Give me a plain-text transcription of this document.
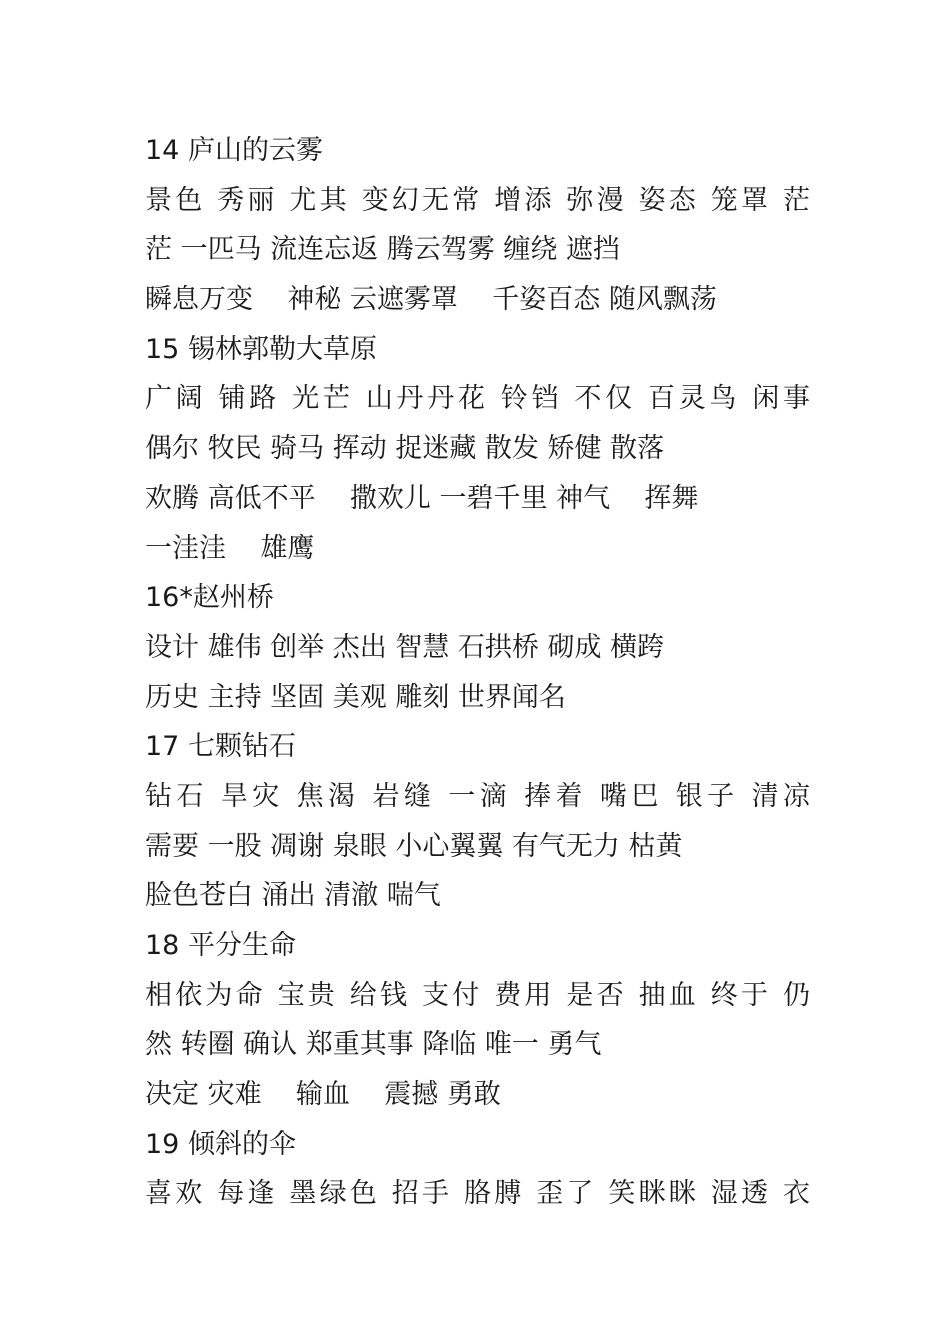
14 庐山的云雾
景色 秀丽 尤其 变幻无常 增添 弥漫 姿态 笼罩 茫
茫 一匹马 流连忘返 腾云驾雾 缠绕 遮挡
瞬息万变    神秘 云遮雾罩    千姿百态 随风飘荡
15 锡林郭勒大草原
广阔 铺路 光芒 山丹丹花 铃铛 不仅 百灵鸟 闲事
偶尔 牧民 骑马 挥动 捉迷藏 散发 矫健 散落
欢腾 高低不平    撒欢儿 一碧千里 神气    挥舞
一洼洼    雄鹰
16*赵州桥
设计 雄伟 创举 杰出 智慧 石拱桥 砌成 横跨
历史 主持 坚固 美观 雕刻 世界闻名
17 七颗钻石
钻石 旱灾 焦渴 岩缝 一滴 捧着 嘴巴 银子 清凉
需要 一股 凋谢 泉眼 小心翼翼 有气无力 枯黄
脸色苍白 涌出 清澈 喘气
18 平分生命
相依为命 宝贵 给钱 支付 费用 是否 抽血 终于 仍
然 转圈 确认 郑重其事 降临 唯一 勇气
决定 灾难    输血    震撼 勇敢
19 倾斜的伞
喜欢 每逢 墨绿色 招手 胳膊 歪了 笑眯眯 湿透 衣
